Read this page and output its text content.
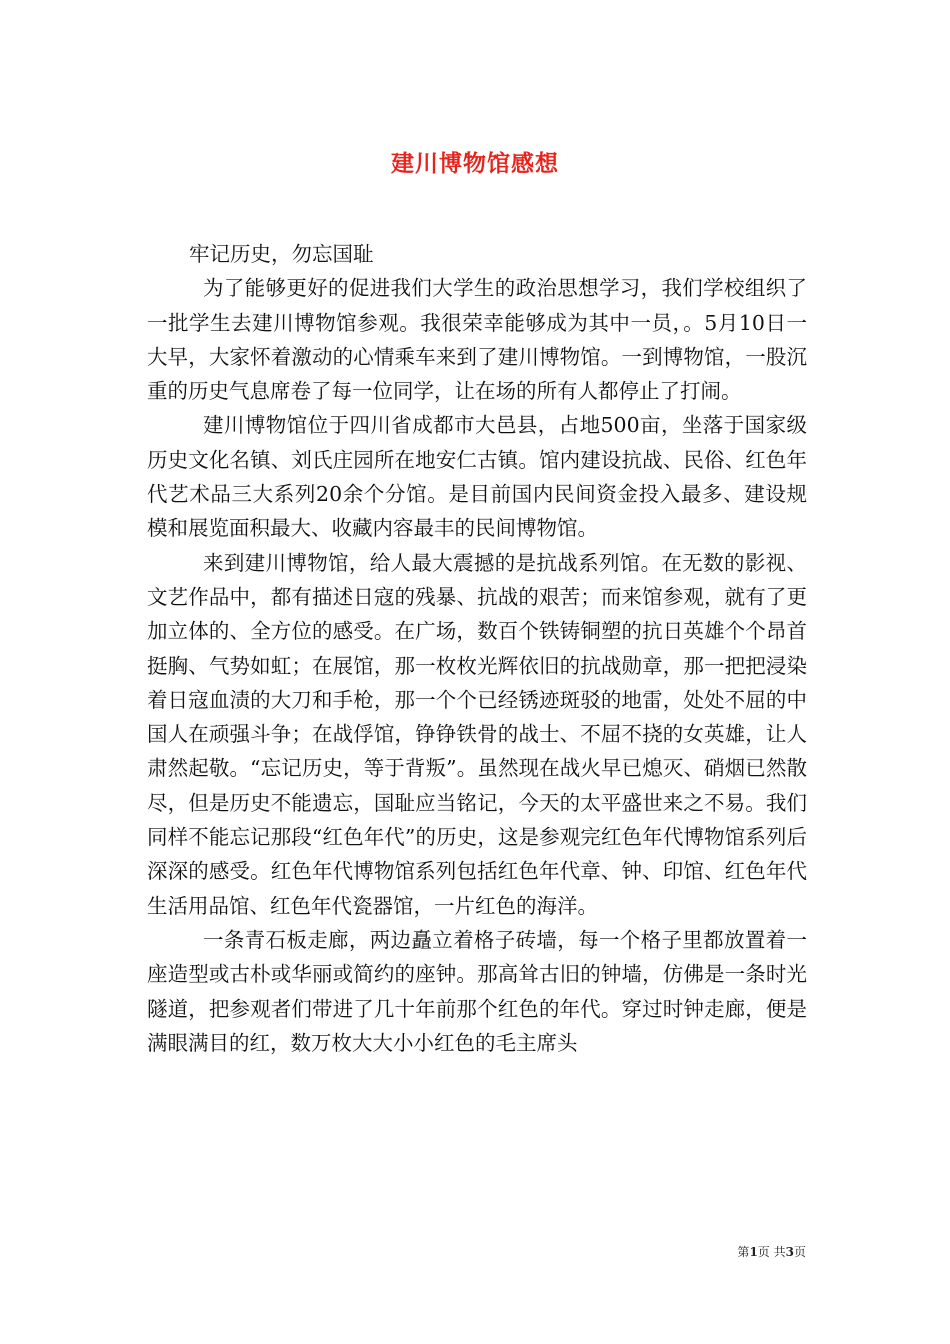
建川博物馆感想

牢记历史，勿忘国耻

为了能够更好的促进我们大学生的政治思想学习，我们学校组织了一批学生去建川博物馆参观。我很荣幸能够成为其中一员，。5月10日一大早，大家怀着激动的心情乘车来到了建川博物馆。一到博物馆，一股沉重的历史气息席卷了每一位同学，让在场的所有人都停止了打闹。

建川博物馆位于四川省成都市大邑县，占地500亩，坐落于国家级历史文化名镇、刘氏庄园所在地安仁古镇。馆内建设抗战、民俗、红色年代艺术品三大系列20余个分馆。是目前国内民间资金投入最多、建设规模和展览面积最大、收藏内容最丰的民间博物馆。

来到建川博物馆，给人最大震撼的是抗战系列馆。在无数的影视、文艺作品中，都有描述日寇的残暴、抗战的艰苦；而来馆参观，就有了更加立体的、全方位的感受。在广场，数百个铁铸铜塑的抗日英雄个个昂首挺胸、气势如虹；在展馆，那一枚枚光辉依旧的抗战勋章，那一把把浸染着日寇血渍的大刀和手枪，那一个个已经锈迹斑驳的地雷，处处不屈的中国人在顽强斗争；在战俘馆，铮铮铁骨的战士、不屈不挠的女英雄，让人肃然起敬。“忘记历史，等于背叛”。虽然现在战火早已熄灭、硝烟已然散尽，但是历史不能遗忘，国耻应当铭记，今天的太平盛世来之不易。我们同样不能忘记那段“红色年代”的历史，这是参观完红色年代博物馆系列后深深的感受。红色年代博物馆系列包括红色年代章、钟、印馆、红色年代生活用品馆、红色年代瓷器馆，一片红色的海洋。

一条青石板走廊，两边矗立着格子砖墙，每一个格子里都放置着一座造型或古朴或华丽或简约的座钟。那高耸古旧的钟墙，仿佛是一条时光隧道，把参观者们带进了几十年前那个红色的年代。穿过时钟走廊，便是满眼满目的红，数万枚大大小小红色的毛主席头

第1页 共3页
